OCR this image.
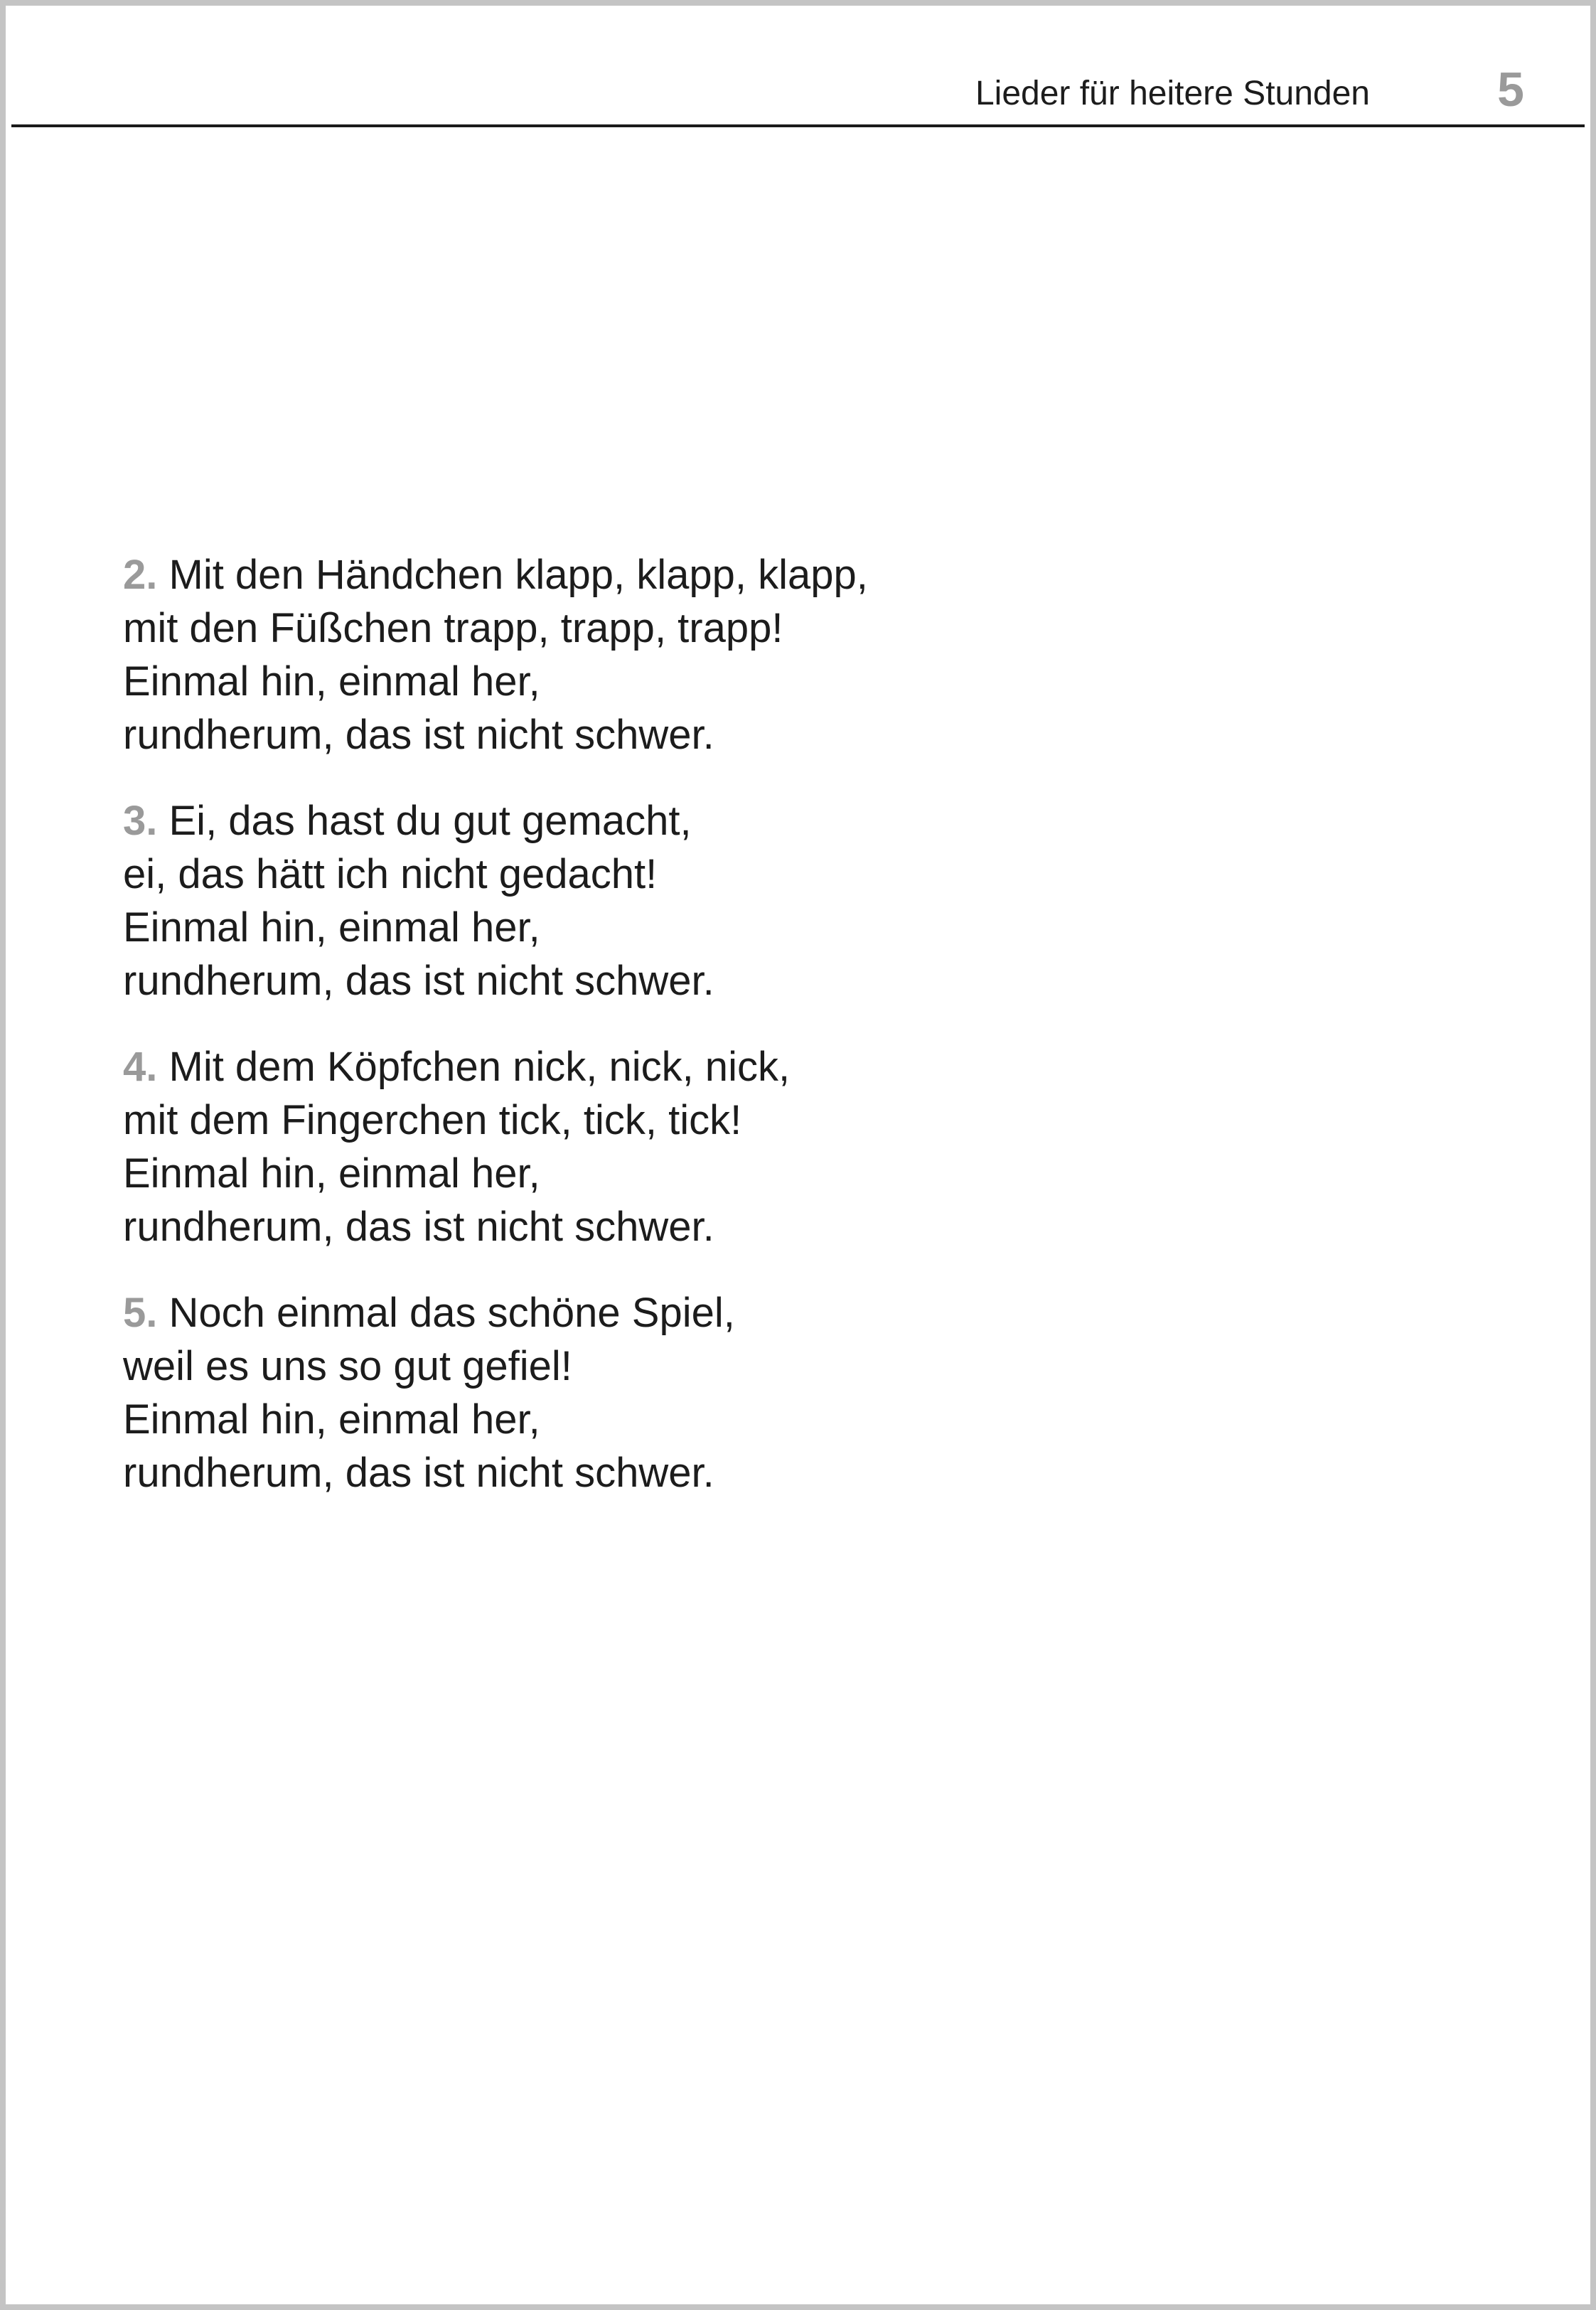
Lieder für heitere Stunden	5
2. Mit den Händchen klapp, klapp, klapp,
mit den Füßchen trapp, trapp, trapp!
Einmal hin, einmal her,
rundherum, das ist nicht schwer.
3. Ei, das hast du gut gemacht,
ei, das hätt ich nicht gedacht!
Einmal hin, einmal her,
rundherum, das ist nicht schwer.
4. Mit dem Köpfchen nick, nick, nick,
mit dem Fingerchen tick, tick, tick!
Einmal hin, einmal her,
rundherum, das ist nicht schwer.
5. Noch einmal das schöne Spiel,
weil es uns so gut gefiel!
Einmal hin, einmal her,
rundherum, das ist nicht schwer.
